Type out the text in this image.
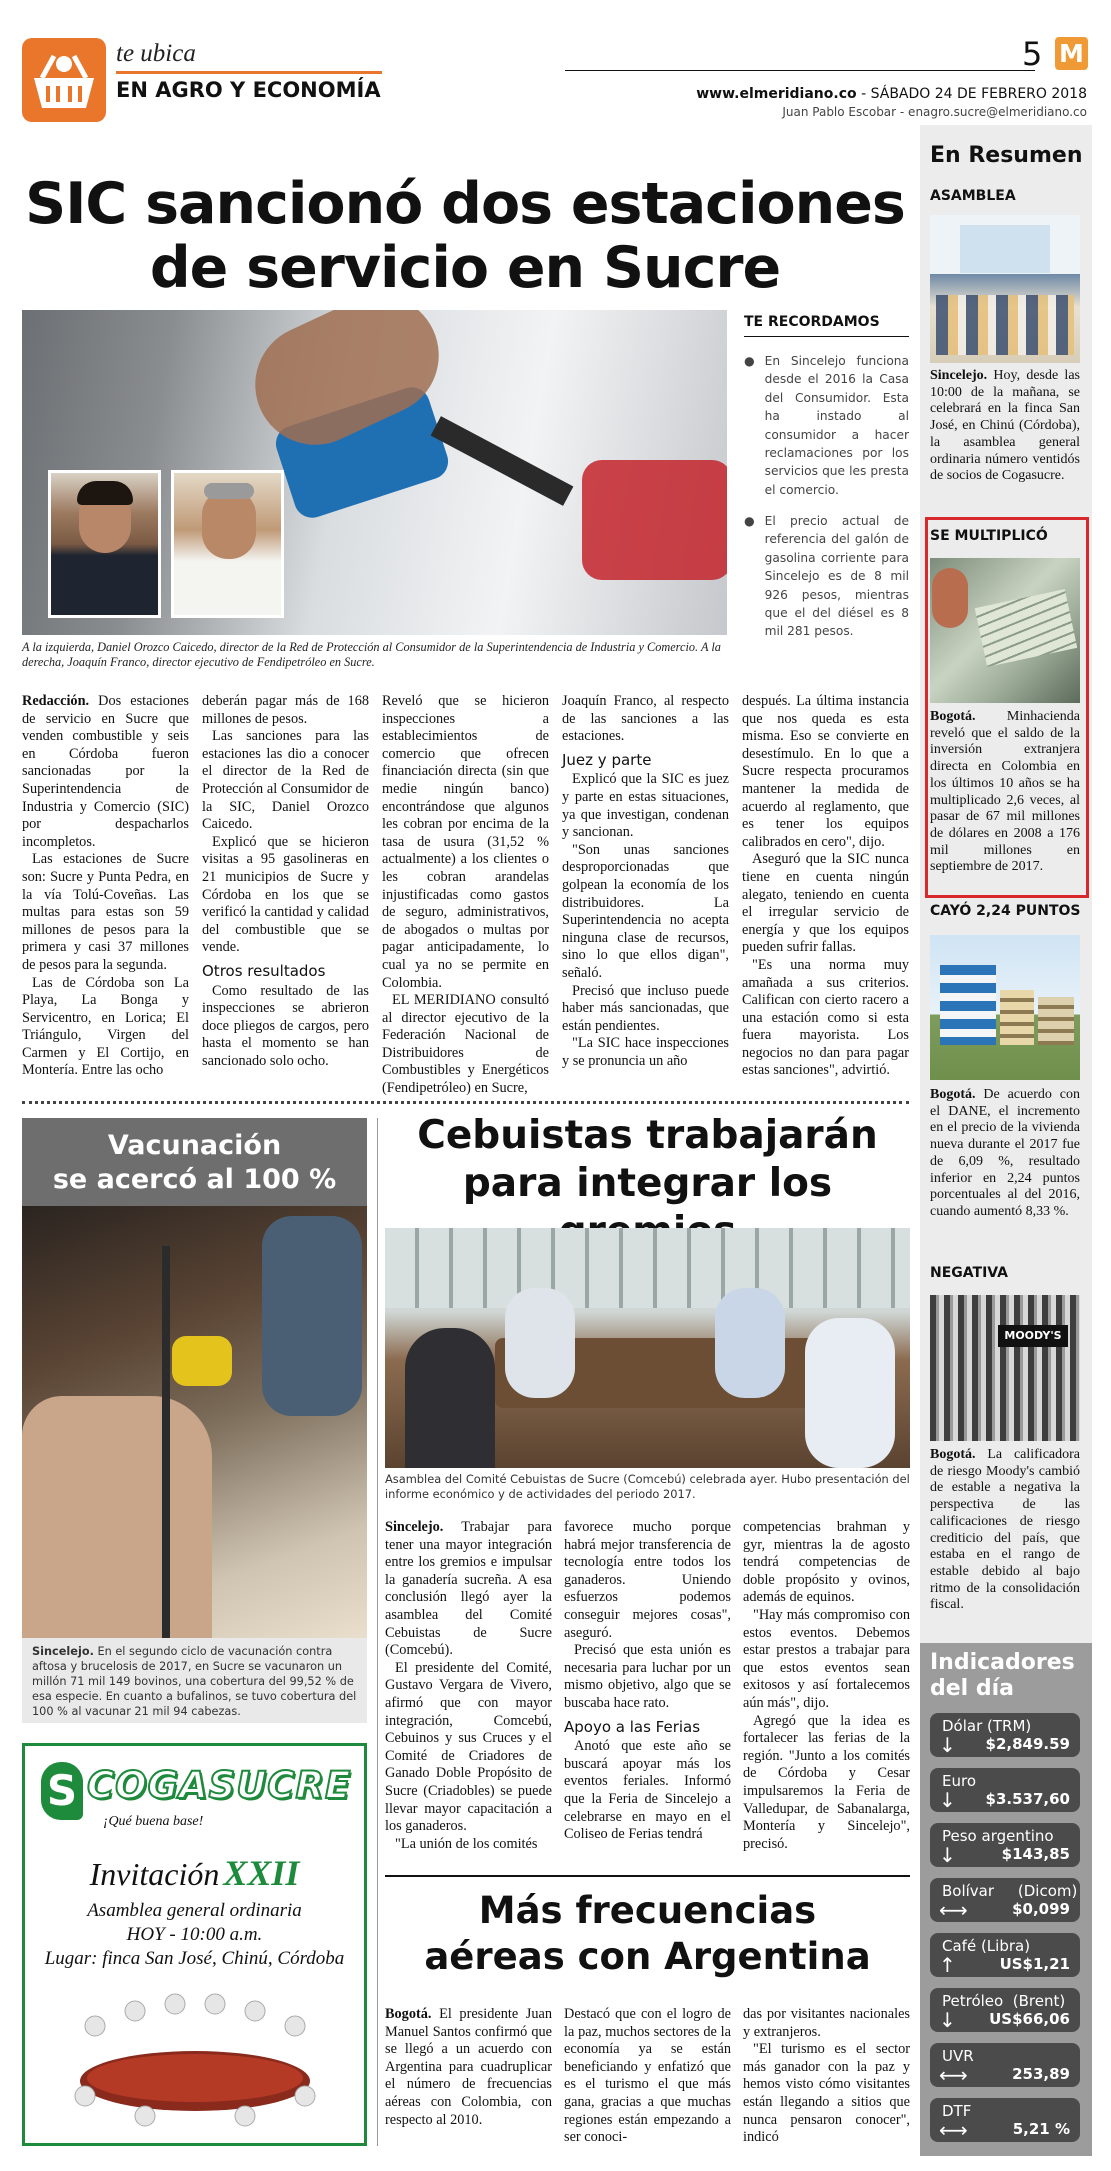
te ubica
EN AGRO Y ECONOMÍA
5 M
www.elmeridiano.co - SÁBADO 24 DE FEBRERO 2018
Juan Pablo Escobar - enagro.sucre@elmeridiano.co
En Resumen
ASAMBLEA
Sincelejo. Hoy, desde las 10:00 de la mañana, se celebrará en la finca San José, en Chinú (Córdoba), la asamblea general ordinaria número ventidós de socios de Cogasucre.
SE MULTIPLICÓ
Bogotá. Minhacienda reveló que el saldo de la inversión extranjera directa en Colombia en los últimos 10 años se ha multiplicado 2,6 veces, al pasar de 67 mil millones de dólares en 2008 a 176 mil millones en septiembre de 2017.
CAYÓ 2,24 PUNTOS
Bogotá. De acuerdo con el DANE, el incremento en el precio de la vivienda nueva durante el 2017 fue de 6,09 %, resultado inferior en 2,24 puntos porcentuales al del 2016, cuando aumentó 8,33 %.
NEGATIVA
MOODY'S
Bogotá. La calificadora de riesgo Moody's cambió de estable a negativa la perspectiva de las calificaciones de riesgo crediticio del país, que estaba en el rango de estable debido al bajo ritmo de la consolidación fiscal.
Indicadores
del día
Dólar (TRM)
↓ $2,849.59
Euro
↓ $3.537,60
Peso argentino
↓	$143,85
Bolívar     (Dicom)
⟷	$0,099
Café (Libra)
↑	US$1,21
Petróleo  (Brent)
↓ US$66,06
UVR
⟷	253,89
DTF
⟷	5,21 %
SIC sancionó dos estaciones
de servicio en Sucre
A la izquierda, Daniel Orozco Caicedo, director de la Red de Protección al Consumidor de la Superintendencia de Industria y Comercio. A la derecha, Joaquín Franco, director ejecutivo de Fendipetróleo en Sucre.
TE RECORDAMOS
● En Sincelejo funciona desde el 2016 la Casa del Consumidor. Esta ha instado al consumidor a hacer reclamaciones por los servicios que les presta el comercio.
● El precio actual de referencia del galón de gasolina corriente para Sincelejo es de 8 mil 926 pesos, mientras que el del diésel es 8 mil 281 pesos.

Redacción. Dos estaciones de servicio en Sucre que venden combustible y seis en Córdoba fueron sancionadas por la Superintendencia de Industria y Comercio (SIC) por despacharlos incompletos.

Las estaciones de Sucre son: Sucre y Punta Pedra, en la vía Tolú-Coveñas. Las multas para estas son 59 millones de pesos para la primera y casi 37 millones de pesos para la segunda.

Las de Córdoba son La Playa, La Bonga y Servicentro, en Lorica; El Triángulo, Virgen del Carmen y El Cortijo, en Montería. Entre las ocho

deberán pagar más de 168 millones de pesos.

Las sanciones para las estaciones las dio a conocer el director de la Red de Protección al Consumidor de la SIC, Daniel Orozco Caicedo.

Explicó que se hicieron visitas a 95 gasolineras en 21 municipios de Sucre y Córdoba en los que se verificó la cantidad y calidad del combustible que se vende.

Otros resultados

Como resultado de las inspecciones se abrieron doce pliegos de cargos, pero hasta el momento se han sancionado solo ocho.

Reveló que se hicieron inspecciones a establecimientos de comercio que ofrecen financiación directa (sin que medie ningún banco) encontrándose que algunos les cobran por encima de la tasa de usura (31,52 % actualmente) a los clientes o les cobran arandelas injustificadas como gastos de seguro, administrativos, de abogados o multas por pagar anticipadamente, lo cual ya no se permite en Colombia.

EL MERIDIANO consultó al director ejecutivo de la Federación Nacional de Distribuidores de Combustibles y Energéticos (Fendipetróleo) en Sucre,

Joaquín Franco, al respecto de las sanciones a las estaciones.

Juez y parte

Explicó que la SIC es juez y parte en estas situaciones, ya que investigan, condenan y sancionan.

"Son unas sanciones desproporcionadas que golpean la economía de los distribuidores. La Superintendencia no acepta ninguna clase de recursos, sino lo que ellos digan", señaló.

Precisó que incluso puede haber más sancionadas, que están pendientes.

"La SIC hace inspecciones y se pronuncia un año

después. La última instancia que nos queda es esta misma. Eso se convierte en desestímulo. En lo que a Sucre respecta procuramos mantener la medida de acuerdo al reglamento, que es tener los equipos calibrados en cero", dijo.

Aseguró que la SIC nunca tiene en cuenta ningún alegato, teniendo en cuenta el irregular servicio de energía y que los equipos pueden sufrir fallas.

"Es una norma muy amañada a sus criterios. Califican con cierto racero a una estación como si esta fuera mayorista. Los negocios no dan para pagar estas sanciones", advirtió.

Vacunación
se acercó al 100 %
Sincelejo. En el segundo ciclo de vacunación contra aftosa y brucelosis de 2017, en Sucre se vacunaron un millón 71 mil 149 bovinos, una cobertura del 99,52 % de esa especie. En cuanto a bufalinos, se tuvo cobertura del 100 % al vacunar 21 mil 94 cabezas.
S COGASUCRE
¡Qué buena base!
Invitación XXII
Asamblea general ordinaria
HOY - 10:00 a.m.
Lugar: finca San José, Chinú, Córdoba
Cebuistas trabajarán
para integrar los
Asamblea del Comité Cebuistas de Sucre (Comcebú) celebrada ayer. Hubo presentación del informe económico y de actividades del periodo 2017.

Sincelejo. Trabajar para tener una mayor integración entre los gremios e impulsar la ganadería sucreña. A esa conclusión llegó ayer la asamblea del Comité Cebuistas de Sucre (Comcebú).

El presidente del Comité, Gustavo Vergara de Vivero, afirmó que con mayor integración, Comcebú, Cebuinos y sus Cruces y el Comité de Criadores de Ganado Doble Propósito de Sucre (Criadobles) se puede llevar mayor capacitación a los ganaderos.

"La unión de los comités

favorece mucho porque habrá mejor transferencia de tecnología entre todos los ganaderos. Uniendo esfuerzos podemos conseguir mejores cosas", aseguró.

Precisó que esta unión es necesaria para luchar por un mismo objetivo, algo que se buscaba hace rato.

Apoyo a las Ferias

Anotó que este año se buscará apoyar más los eventos feriales. Informó que la Feria de Sincelejo a celebrarse en mayo en el Coliseo de Ferias tendrá

competencias brahman y gyr, mientras la de agosto tendrá competencias de doble propósito y ovinos, además de equinos.

"Hay más compromiso con estos eventos. Debemos estar prestos a trabajar para que estos eventos sean exitosos y así fortalecemos aún más", dijo.

Agregó que la idea es fortalecer las ferias de la región. "Junto a los comités de Córdoba y Cesar impulsaremos la Feria de Valledupar, de Sabanalarga, Montería y Sincelejo", precisó.

Más frecuencias
aéreas con Argentina

Bogotá. El presidente Juan Manuel Santos confirmó que se llegó a un acuerdo con Argentina para cuadruplicar el número de frecuencias aéreas con Colombia, con respecto al 2010.

Destacó que con el logro de la paz, muchos sectores de la economía ya se están beneficiando y enfatizó que es el turismo el que más gana, gracias a que muchas regiones están empezando a ser conoci-

das por visitantes nacionales y extranjeros.

"El turismo es el sector más ganador con la paz y hemos visto cómo visitantes están llegando a sitios que nunca pensaron conocer", indicó
